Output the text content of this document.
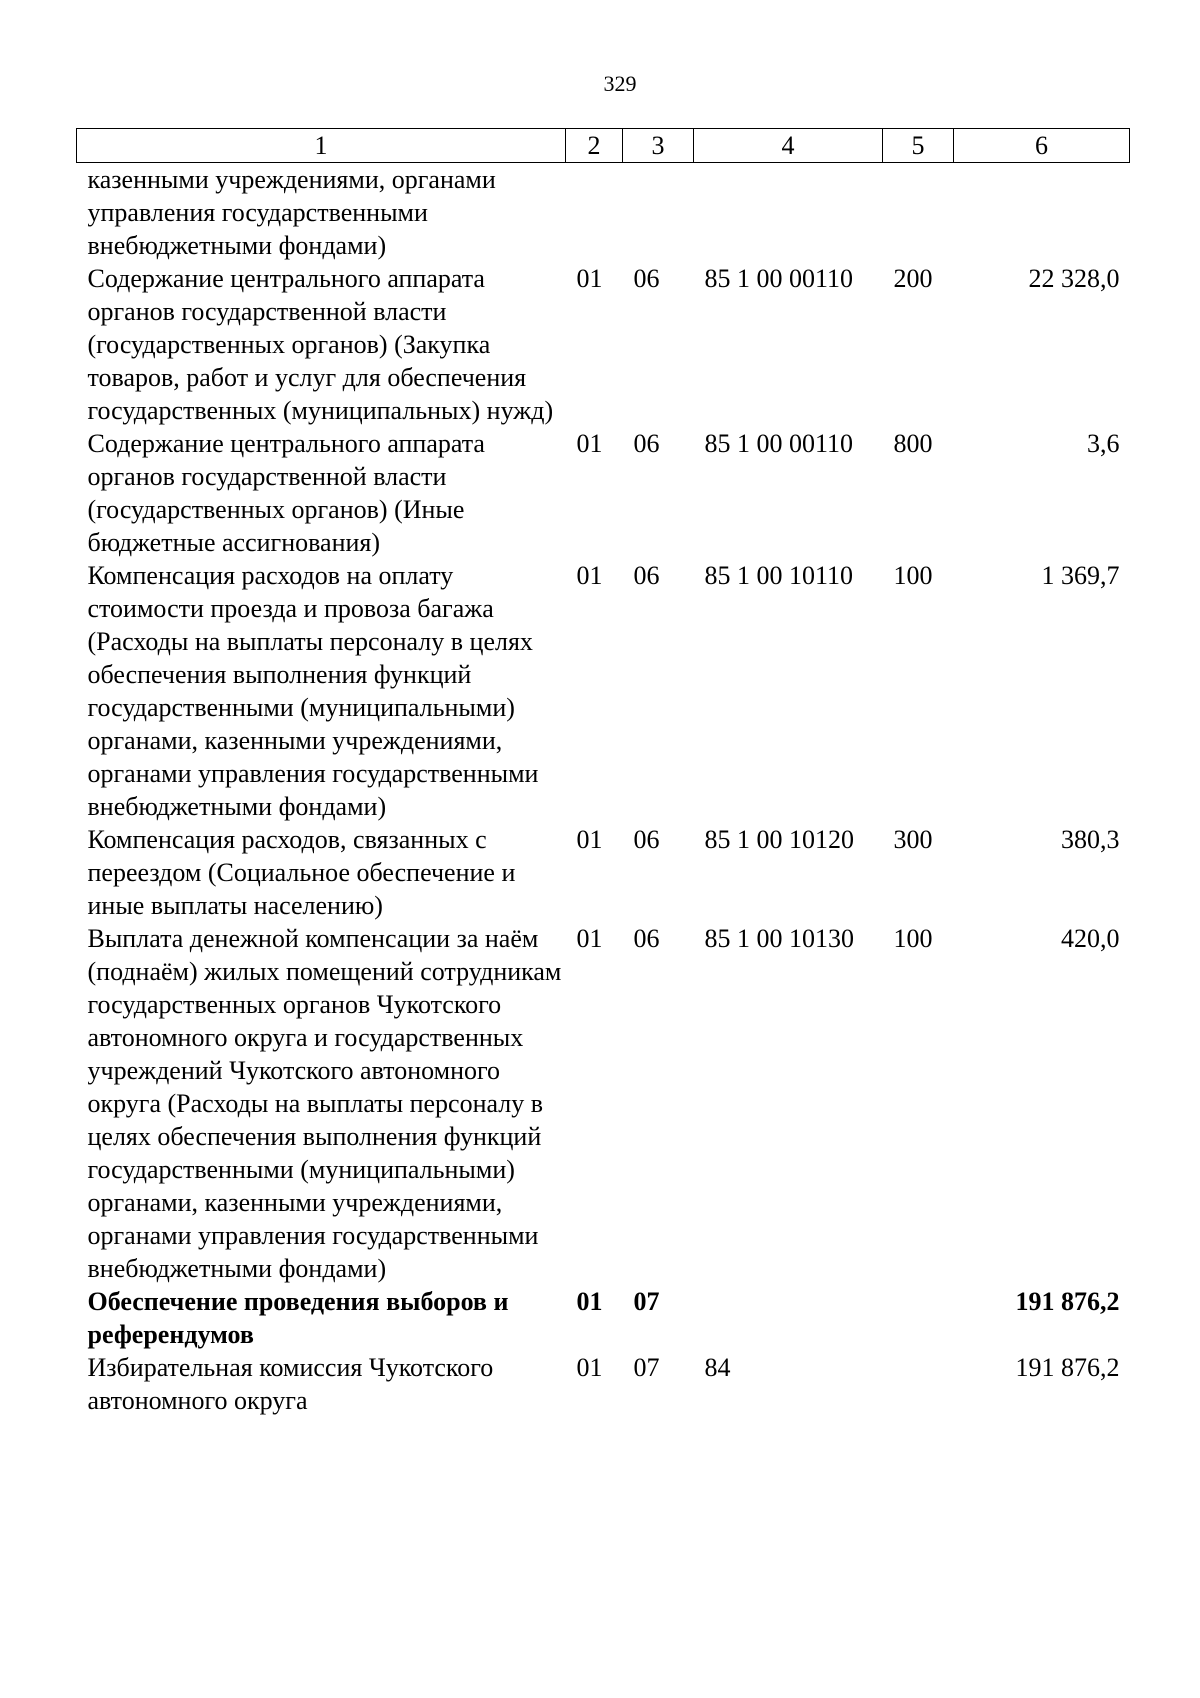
329
1	2	3	4	5	6
казенными учреждениями, органами управления государственными внебюджетными фондами)					
Содержание центрального аппарата органов государственной власти (государственных органов) (Закупка товаров, работ и услуг для обеспечения государственных (муниципальных) нужд)	01	06	85 1 00 00110	200	22 328,0
Содержание центрального аппарата органов государственной власти (государственных органов) (Иные бюджетные ассигнования)	01	06	85 1 00 00110	800	3,6
Компенсация расходов на оплату стоимости проезда и провоза багажа (Расходы на выплаты персоналу в целях обеспечения выполнения функций государственными (муниципальными) органами, казенными учреждениями, органами управления государственными внебюджетными фондами)	01	06	85 1 00 10110	100	1 369,7
Компенсация расходов, связанных с переездом (Социальное обеспечение и иные выплаты населению)	01	06	85 1 00 10120	300	380,3
Выплата денежной компенсации за наём (поднаём) жилых помещений сотрудникам государственных органов Чукотского автономного округа и государственных учреждений Чукотского автономного округа (Расходы на выплаты персоналу в целях обеспечения выполнения функций государственными (муниципальными) органами, казенными учреждениями, органами управления государственными внебюджетными фондами)	01	06	85 1 00 10130	100	420,0
Обеспечение проведения выборов и референдумов	01	07			191 876,2
Избирательная комиссия Чукотского автономного округа	01	07	84		191 876,2
